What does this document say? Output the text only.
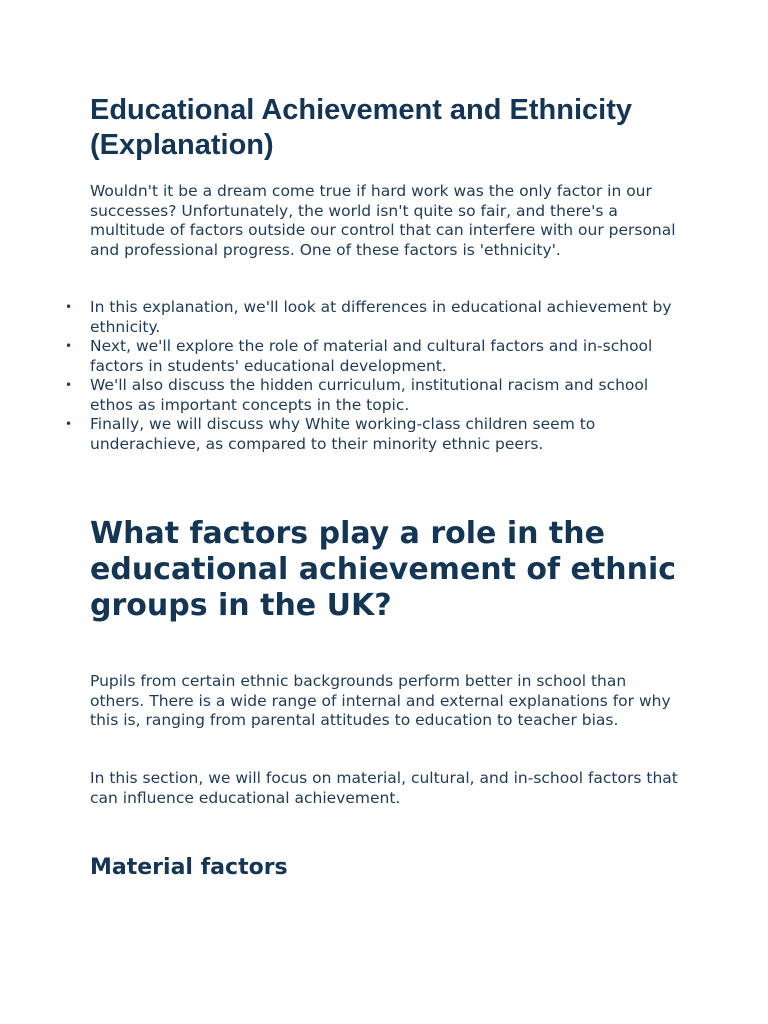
Educational Achievement and Ethnicity (Explanation)

Wouldn't it be a dream come true if hard work was the only factor in our successes? Unfortunately, the world isn't quite so fair, and there's a multitude of factors outside our control that can interfere with our personal and professional progress. One of these factors is 'ethnicity'.

• In this explanation, we'll look at differences in educational achievement by ethnicity.
• Next, we'll explore the role of material and cultural factors and in-school factors in students' educational development.
• We'll also discuss the hidden curriculum, institutional racism and school ethos as important concepts in the topic.
• Finally, we will discuss why White working-class children seem to underachieve, as compared to their minority ethnic peers.
What factors play a role in the educational achievement of ethnic groups in the UK?

Pupils from certain ethnic backgrounds perform better in school than others. There is a wide range of internal and external explanations for why this is, ranging from parental attitudes to education to teacher bias.

In this section, we will focus on material, cultural, and in-school factors that can influence educational achievement.

Material factors
